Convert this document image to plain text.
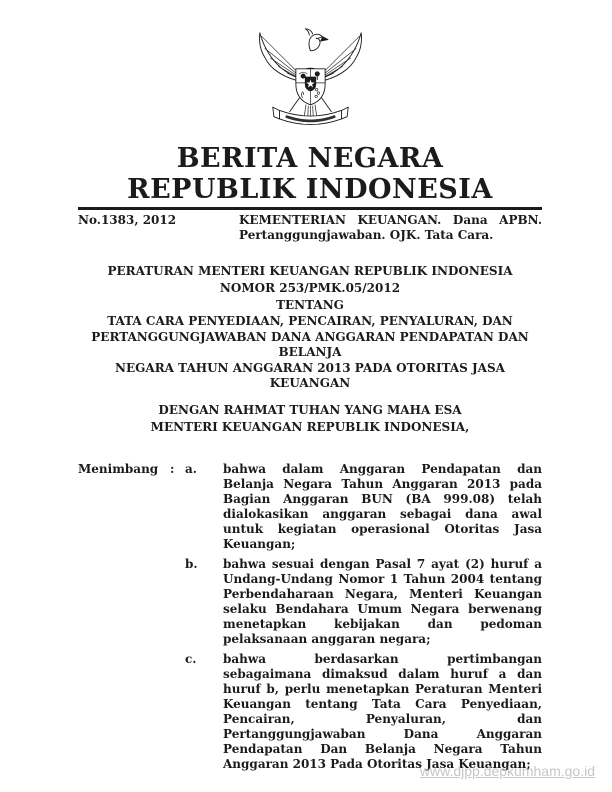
BERITA NEGARA
REPUBLIK INDONESIA
No.1383, 2012	KEMENTERIAN KEUANGAN. Dana APBN.
Pertanggungjawaban. OJK. Tata Cara.
PERATURAN MENTERI KEUANGAN REPUBLIK INDONESIA
NOMOR 253/PMK.05/2012
TENTANG
TATA CARA PENYEDIAAN, PENCAIRAN, PENYALURAN, DAN
PERTANGGUNGJAWABAN DANA ANGGARAN PENDAPATAN DAN BELANJA
NEGARA TAHUN ANGGARAN 2013 PADA OTORITAS JASA KEUANGAN
DENGAN RAHMAT TUHAN YANG MAHA ESA
MENTERI KEUANGAN REPUBLIK INDONESIA,
Menimbang : a.	bahwa dalam Anggaran Pendapatan dan Belanja Negara Tahun Anggaran 2013 pada Bagian Anggaran BUN (BA 999.08) telah dialokasikan anggaran sebagai dana awal untuk kegiatan operasional Otoritas Jasa Keuangan;
b.	bahwa sesuai dengan Pasal 7 ayat (2) huruf a Undang-Undang Nomor 1 Tahun 2004 tentang Perbendaharaan Negara, Menteri Keuangan selaku Bendahara Umum Negara berwenang menetapkan kebijakan dan pedoman pelaksanaan anggaran negara;
c.	bahwa berdasarkan pertimbangan sebagaimana dimaksud dalam huruf a dan huruf b, perlu menetapkan Peraturan Menteri Keuangan tentang Tata Cara Penyediaan, Pencairan, Penyaluran, dan Pertanggungjawaban Dana Anggaran Pendapatan Dan Belanja Negara Tahun Anggaran 2013 Pada Otoritas Jasa Keuangan;
www.djpp.depkumham.go.id
